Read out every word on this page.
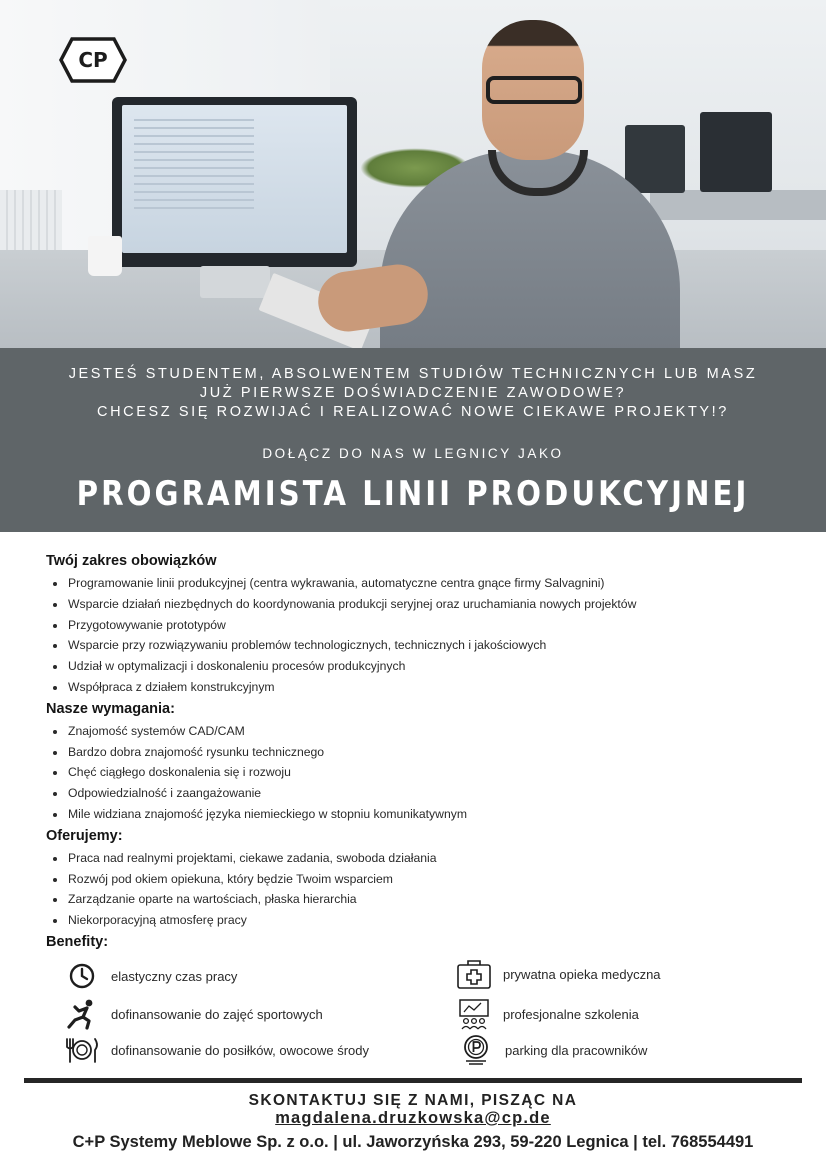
CP
JESTEŚ STUDENTEM, ABSOLWENTEM STUDIÓW TECHNICZNYCH LUB MASZ
JUŻ PIERWSZE DOŚWIADCZENIE ZAWODOWE?
CHCESZ SIĘ ROZWIJAĆ I REALIZOWAĆ NOWE CIEKAWE PROJEKTY!?
DOŁĄCZ DO NAS W LEGNICY JAKO
PROGRAMISTA LINII PRODUKCYJNEJ
Twój zakres obowiązków
Programowanie linii produkcyjnej (centra wykrawania, automatyczne centra gnące firmy Salvagnini)
Wsparcie działań niezbędnych do koordynowania produkcji seryjnej oraz uruchamiania nowych projektów
Przygotowywanie prototypów
Wsparcie przy rozwiązywaniu problemów technologicznych, technicznych i jakościowych
Udział w optymalizacji i doskonaleniu procesów produkcyjnych
Współpraca z działem konstrukcyjnym
Nasze wymagania:
Znajomość systemów CAD/CAM
Bardzo dobra znajomość rysunku technicznego
Chęć ciągłego doskonalenia się i rozwoju
Odpowiedzialność i zaangażowanie
Mile widziana znajomość języka niemieckiego w stopniu komunikatywnym
Oferujemy:
Praca nad realnymi projektami, ciekawe zadania, swoboda działania
Rozwój pod okiem opiekuna, który będzie Twoim wsparciem
Zarządzanie oparte na wartościach, płaska hierarchia
Niekorporacyjną atmosferę pracy
Benefity:
elastyczny czas pracy
dofinansowanie do zajęć sportowych
dofinansowanie do posiłków, owocowe środy
prywatna opieka medyczna
profesjonalne szkolenia
parking dla pracowników
SKONTAKTUJ SIĘ Z NAMI, PISZĄC NA
magdalena.druzkowska@cp.de
C+P Systemy Meblowe Sp. z o.o. | ul. Jaworzyńska 293, 59-220 Legnica | tel. 768554491
